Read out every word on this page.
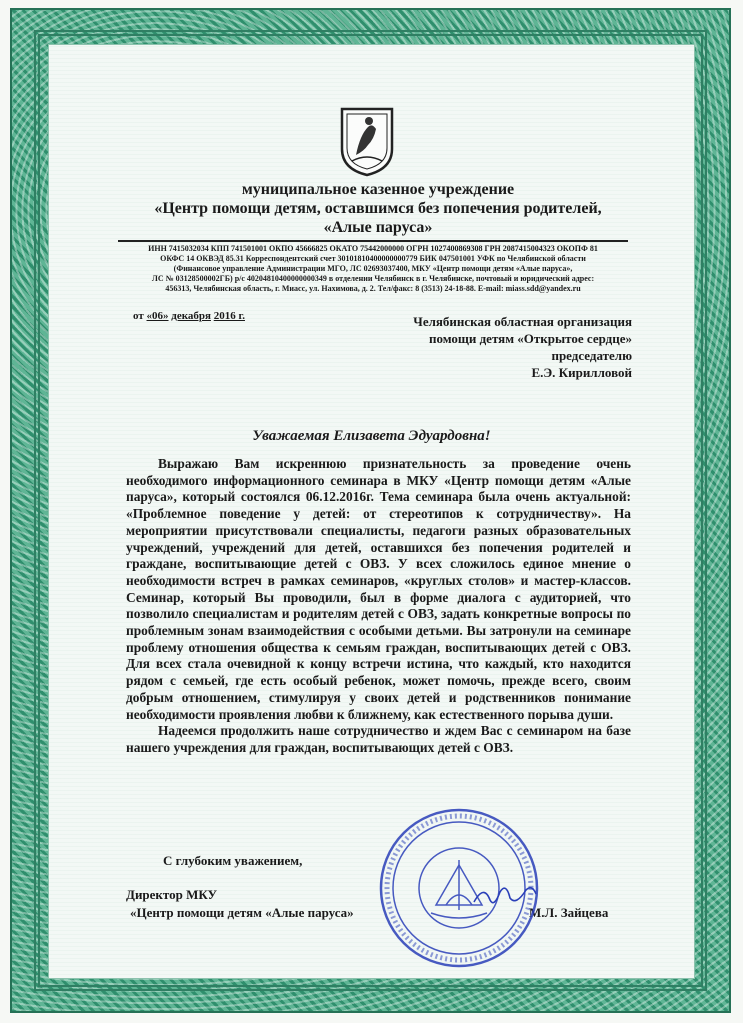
муниципальное казенное учреждение
«Центр помощи детям, оставшимся без попечения родителей,
«Алые паруса»
ИНН 7415032034 КПП 741501001 ОКПО 45666825 ОКАТО 75442000000 ОГРН 1027400869308 ГРН 2087415004323 ОКОПФ 81
ОКФС 14 ОКВЭД 85.31 Корреспондентский счет 30101810400000000779 БИК 047501001 УФК по Челябинской области
(Финансовое управление Администрации МГО, ЛС 02693037400, МКУ «Центр помощи детям «Алые паруса»,
ЛС № 03128500002ГБ) р/с 40204810400000000349 в отделении Челябинск в г. Челябинске, почтовый и юридический адрес:
456313, Челябинская область, г. Миасс, ул. Нахимова, д. 2. Тел/факс: 8 (3513) 24-18-88. E-mail: miass.sdd@yandex.ru
от «06» декабря 2016 г.	Челябинская областная организация
помощи детям «Открытое сердце»
председателю
Е.Э. Кирилловой
Уважаемая Елизавета Эдуардовна!

Выражаю Вам искреннюю признательность за проведение очень необходимого информационного семинара в МКУ «Центр помощи детям «Алые паруса», который состоялся 06.12.2016г. Тема семинара была очень актуальной: «Проблемное поведение у детей: от стереотипов к сотрудничеству». На мероприятии присутствовали специалисты, педагоги разных образовательных учреждений, учреждений для детей, оставшихся без попечения родителей и граждане, воспитывающие детей с ОВЗ. У всех сложилось единое мнение о необходимости встреч в рамках семинаров, «круглых столов» и мастер-классов. Семинар, который Вы проводили, был в форме диалога с аудиторией, что позволило специалистам и родителям детей с ОВЗ, задать конкретные вопросы по проблемным зонам взаимодействия с особыми детьми. Вы затронули на семинаре проблему отношения общества к семьям граждан, воспитывающих детей с ОВЗ. Для всех стала очевидной к концу встречи истина, что каждый, кто находится рядом с семьей, где есть особый ребенок, может помочь, прежде всего, своим добрым отношением, стимулируя у своих детей и родственников понимание необходимости проявления любви к ближнему, как естественного порыва души.

Надеемся продолжить наше сотрудничество и ждем Вас с семинаром на базе нашего учреждения для граждан, воспитывающих детей с ОВЗ.

С глубоким уважением,
Директор МКУ
«Центр помощи детям «Алые паруса»	М.Л. Зайцева
